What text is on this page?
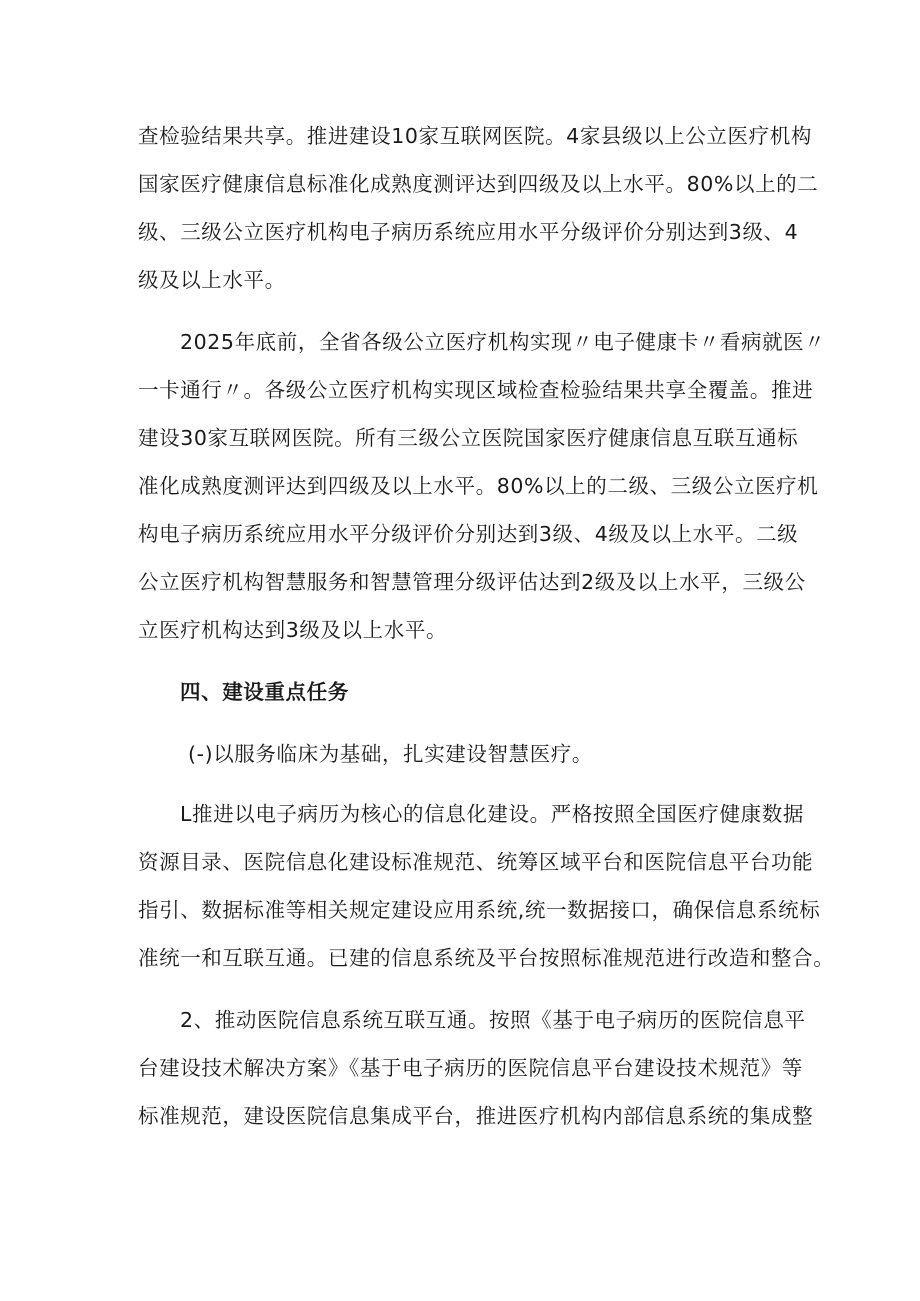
查检验结果共享。推进建设10家互联网医院。4家县级以上公立医疗机构
国家医疗健康信息标准化成熟度测评达到四级及以上水平。80%以上的二
级、三级公立医疗机构电子病历系统应用水平分级评价分别达到3级、4
级及以上水平。
2025年底前，全省各级公立医疗机构实现〃电子健康卡〃看病就医〃
一卡通行〃。各级公立医疗机构实现区域检查检验结果共享全覆盖。推进
建设30家互联网医院。所有三级公立医院国家医疗健康信息互联互通标
准化成熟度测评达到四级及以上水平。80%以上的二级、三级公立医疗机
构电子病历系统应用水平分级评价分别达到3级、4级及以上水平。二级
公立医疗机构智慧服务和智慧管理分级评估达到2级及以上水平，三级公
立医疗机构达到3级及以上水平。
四、建设重点任务
(-)以服务临床为基础，扎实建设智慧医疗。
L推进以电子病历为核心的信息化建设。严格按照全国医疗健康数据
资源目录、医院信息化建设标准规范、统筹区域平台和医院信息平台功能
指引、数据标准等相关规定建设应用系统,统一数据接口，确保信息系统标
准统一和互联互通。已建的信息系统及平台按照标准规范进行改造和整合。
2、推动医院信息系统互联互通。按照《基于电子病历的医院信息平
台建设技术解决方案》《基于电子病历的医院信息平台建设技术规范》等
标准规范，建设医院信息集成平台，推进医疗机构内部信息系统的集成整
